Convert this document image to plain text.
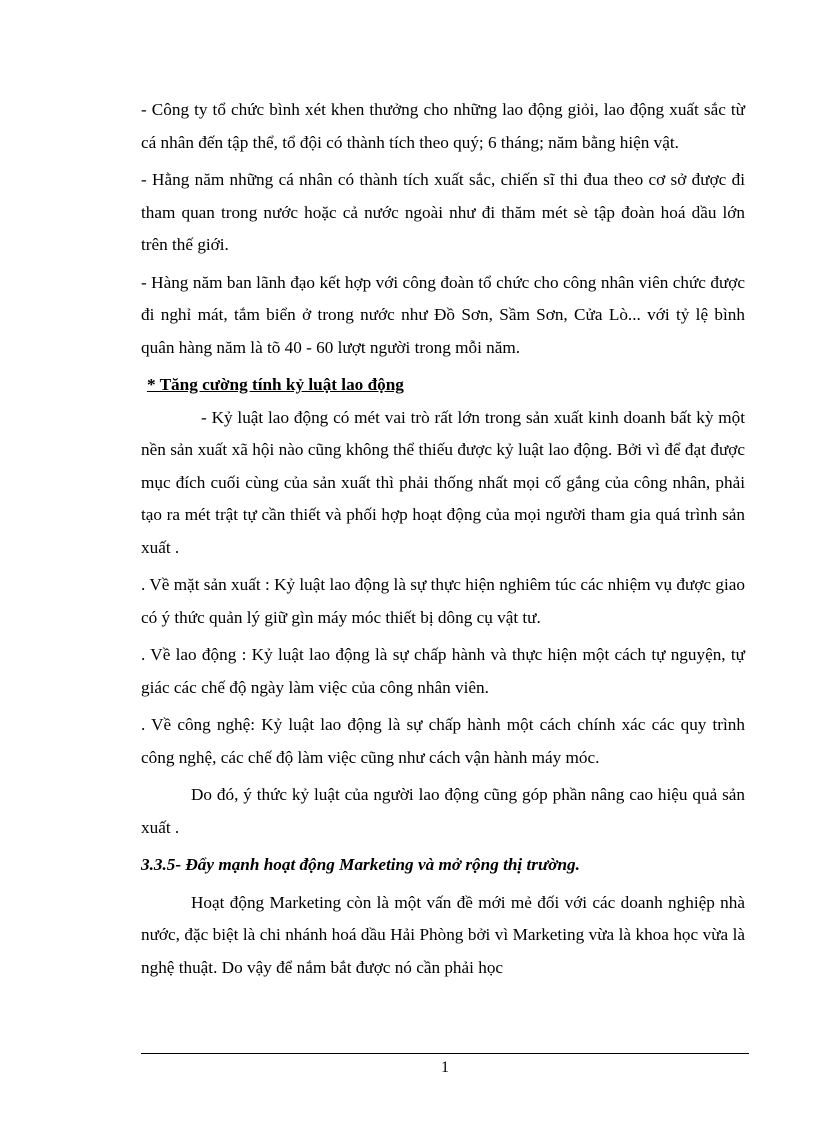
- Công ty tổ chức bình xét khen thưởng cho những lao động giỏi, lao động xuất sắc từ cá nhân đến tập thể, tổ đội có thành tích theo quý; 6 tháng; năm bằng hiện vật.

- Hằng năm những cá nhân có thành tích xuất sắc, chiến sĩ thi đua theo cơ sở được đi tham quan trong nước hoặc cả nước ngoài như đi thăm mét sè tập đoàn hoá dầu lớn trên thế giới.

- Hàng năm ban lãnh đạo kết hợp với công đoàn tổ chức cho công nhân viên chức được đi nghỉ mát, tắm biển ở trong nước như Đồ Sơn, Sầm Sơn, Cửa Lò... với tỷ lệ bình quân hàng năm là tõ 40 - 60 lượt người trong mỗi năm.

* Tăng cường tính kỷ luật lao động

- Kỷ luật lao động có mét vai trò rất lớn trong sản xuất kinh doanh bất kỳ một nền sản xuất xã hội nào cũng không thể thiếu được kỷ luật lao động. Bởi vì để đạt được mục đích cuối cùng của sản xuất thì phải thống nhất mọi cố gắng của công nhân, phải tạo ra mét trật tự cần thiết và phối hợp hoạt động của mọi người tham gia quá trình sản xuất .

. Về mặt sản xuất : Kỷ luật lao động là sự thực hiện nghiêm túc các nhiệm vụ được giao có ý thức quản lý giữ gìn máy móc thiết bị dông cụ vật tư.

. Về lao động : Kỷ luật lao động là sự chấp hành và thực hiện một cách tự nguyện, tự giác các chế độ ngày làm việc của công nhân viên.

. Về công nghệ: Kỷ luật lao động là sự chấp hành một cách chính xác các quy trình công nghệ, các chế độ làm việc cũng như cách vận hành máy móc.

Do đó, ý thức kỷ luật của người lao động cũng góp phần nâng cao hiệu quả sản xuất .

3.3.5- Đẩy mạnh hoạt động Marketing và mở rộng thị trường.

Hoạt động Marketing còn là một vấn đề mới mẻ đối với các doanh nghiệp nhà nước, đặc biệt là chi nhánh hoá dầu Hải Phòng bởi vì Marketing vừa là khoa học vừa là nghệ thuật. Do vậy để nắm bắt được nó cần phải học

1
